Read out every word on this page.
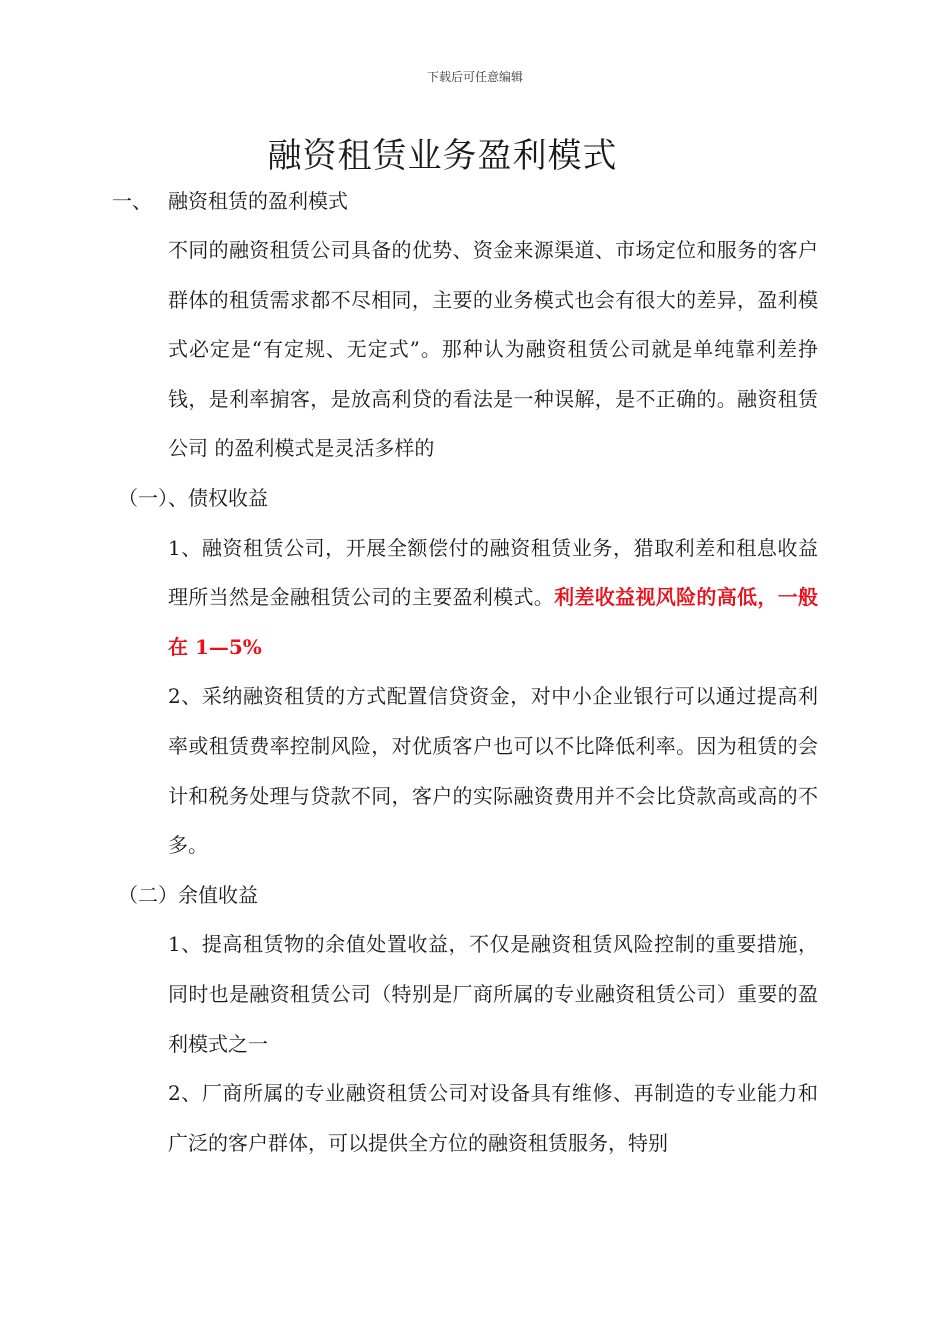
下载后可任意编辑
融资租赁业务盈利模式
一、 融资租赁的盈利模式

不同的融资租赁公司具备的优势、资金来源渠道、市场定位和服务的客户群体的租赁需求都不尽相同，主要的业务模式也会有很大的差异，盈利模式必定是“有定规、无定式”。那种认为融资租赁公司就是单纯靠利差挣钱，是利率掮客，是放高利贷的看法是一种误解，是不正确的。融资租赁公司 的盈利模式是灵活多样的

（一）、债权收益

1、融资租赁公司，开展全额偿付的融资租赁业务，猎取利差和租息收益理所当然是金融租赁公司的主要盈利模式。利差收益视风险的高低，一般在 1—5%

2、采纳融资租赁的方式配置信贷资金，对中小企业银行可以通过提高利率或租赁费率控制风险，对优质客户也可以不比降低利率。因为租赁的会计和税务处理与贷款不同，客户的实际融资费用并不会比贷款高或高的不多。

（二）余值收益

1、提高租赁物的余值处置收益，不仅是融资租赁风险控制的重要措施，同时也是融资租赁公司（特别是厂商所属的专业融资租赁公司）重要的盈利模式之一

2、厂商所属的专业融资租赁公司对设备具有维修、再制造的专业能力和广泛的客户群体，可以提供全方位的融资租赁服务，特别
